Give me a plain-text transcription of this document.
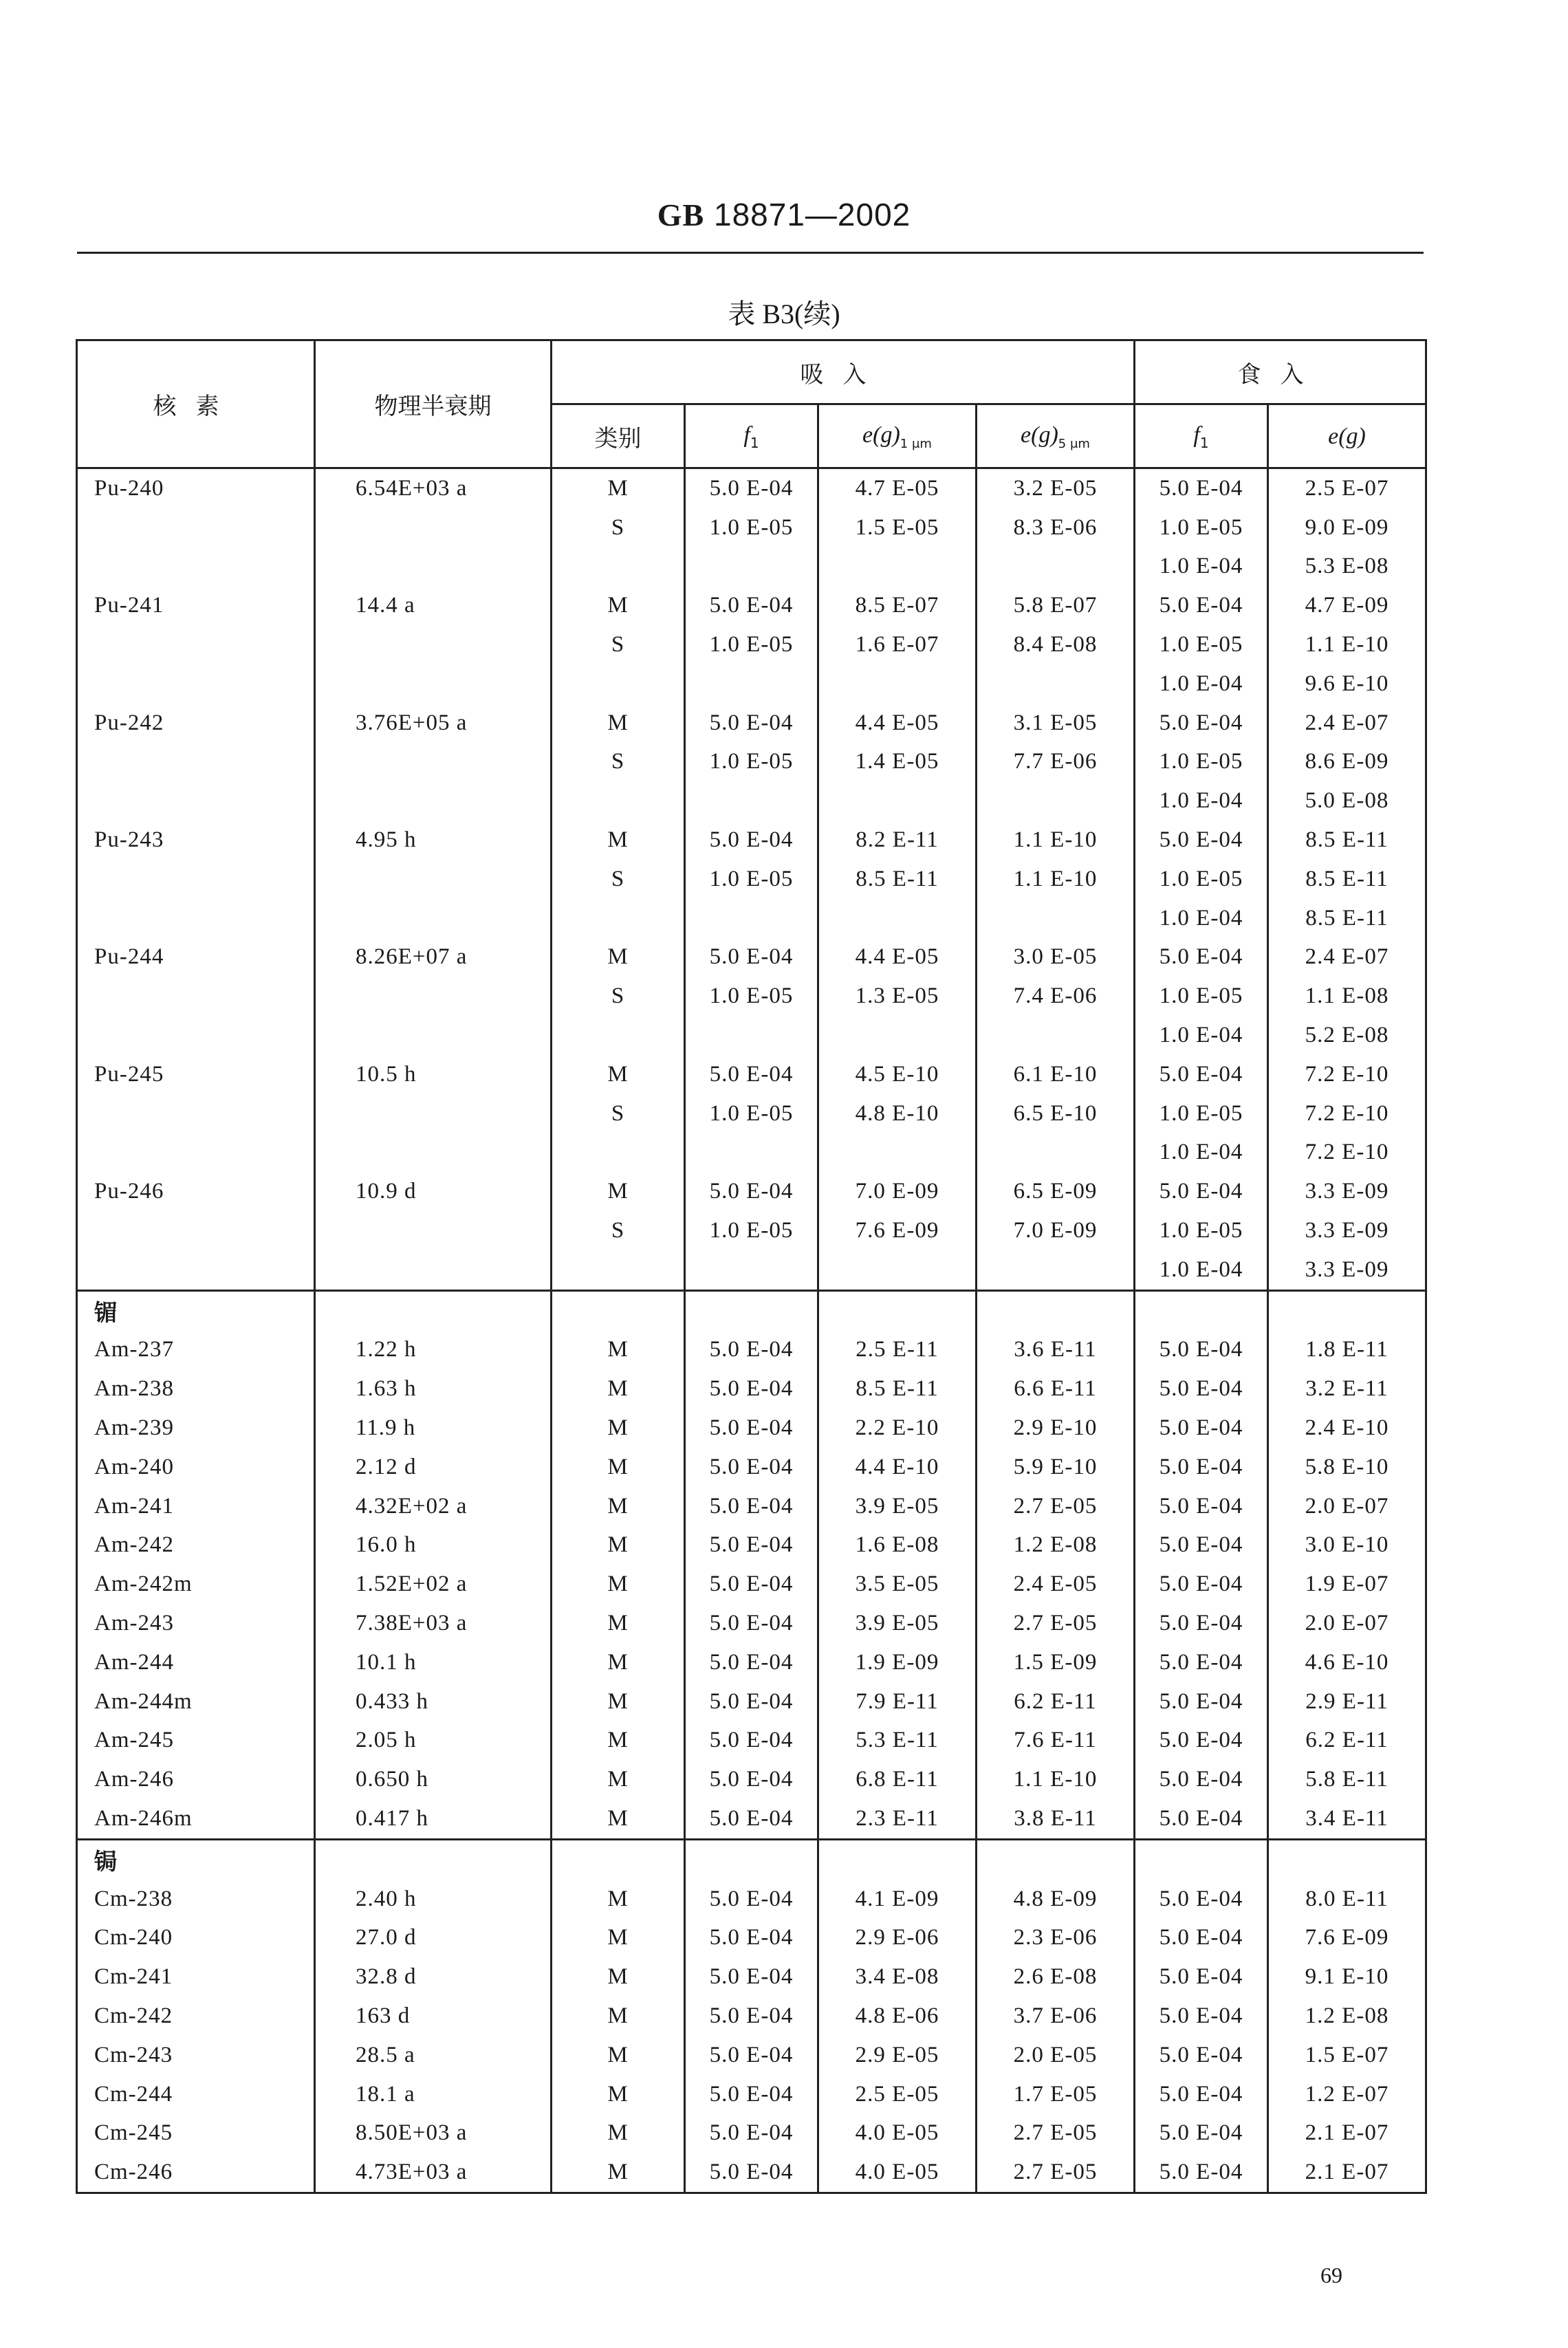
GB 18871—2002
表 B3(续)
核素	物理半衰期	吸入				食入	
		类别	$f_1$	$e(g)_{1 \mu m}$	$e(g)_{5 \mu m}$	$f_1$	e(g)
Pu-240	6.54E+03 a	M	5.0 E-04	4.7 E-05	3.2 E-05	5.0 E-04	2.5 E-07
		S	1.0 E-05	1.5 E-05	8.3 E-06	1.0 E-05	9.0 E-09
						1.0 E-04	5.3 E-08
Pu-241	14.4 a	M	5.0 E-04	8.5 E-07	5.8 E-07	5.0 E-04	4.7 E-09
		S	1.0 E-05	1.6 E-07	8.4 E-08	1.0 E-05	1.1 E-10
						1.0 E-04	9.6 E-10
Pu-242	3.76E+05 a	M	5.0 E-04	4.4 E-05	3.1 E-05	5.0 E-04	2.4 E-07
		S	1.0 E-05	1.4 E-05	7.7 E-06	1.0 E-05	8.6 E-09
						1.0 E-04	5.0 E-08
Pu-243	4.95 h	M	5.0 E-04	8.2 E-11	1.1 E-10	5.0 E-04	8.5 E-11
		S	1.0 E-05	8.5 E-11	1.1 E-10	1.0 E-05	8.5 E-11
						1.0 E-04	8.5 E-11
Pu-244	8.26E+07 a	M	5.0 E-04	4.4 E-05	3.0 E-05	5.0 E-04	2.4 E-07
		S	1.0 E-05	1.3 E-05	7.4 E-06	1.0 E-05	1.1 E-08
						1.0 E-04	5.2 E-08
Pu-245	10.5 h	M	5.0 E-04	4.5 E-10	6.1 E-10	5.0 E-04	7.2 E-10
		S	1.0 E-05	4.8 E-10	6.5 E-10	1.0 E-05	7.2 E-10
						1.0 E-04	7.2 E-10
Pu-246	10.9 d	M	5.0 E-04	7.0 E-09	6.5 E-09	5.0 E-04	3.3 E-09
		S	1.0 E-05	7.6 E-09	7.0 E-09	1.0 E-05	3.3 E-09
						1.0 E-04	3.3 E-09
镅							
Am-237	1.22 h	M	5.0 E-04	2.5 E-11	3.6 E-11	5.0 E-04	1.8 E-11
Am-238	1.63 h	M	5.0 E-04	8.5 E-11	6.6 E-11	5.0 E-04	3.2 E-11
Am-239	11.9 h	M	5.0 E-04	2.2 E-10	2.9 E-10	5.0 E-04	2.4 E-10
Am-240	2.12 d	M	5.0 E-04	4.4 E-10	5.9 E-10	5.0 E-04	5.8 E-10
Am-241	4.32E+02 a	M	5.0 E-04	3.9 E-05	2.7 E-05	5.0 E-04	2.0 E-07
Am-242	16.0 h	M	5.0 E-04	1.6 E-08	1.2 E-08	5.0 E-04	3.0 E-10
Am-242m	1.52E+02 a	M	5.0 E-04	3.5 E-05	2.4 E-05	5.0 E-04	1.9 E-07
Am-243	7.38E+03 a	M	5.0 E-04	3.9 E-05	2.7 E-05	5.0 E-04	2.0 E-07
Am-244	10.1 h	M	5.0 E-04	1.9 E-09	1.5 E-09	5.0 E-04	4.6 E-10
Am-244m	0.433 h	M	5.0 E-04	7.9 E-11	6.2 E-11	5.0 E-04	2.9 E-11
Am-245	2.05 h	M	5.0 E-04	5.3 E-11	7.6 E-11	5.0 E-04	6.2 E-11
Am-246	0.650 h	M	5.0 E-04	6.8 E-11	1.1 E-10	5.0 E-04	5.8 E-11
Am-246m	0.417 h	M	5.0 E-04	2.3 E-11	3.8 E-11	5.0 E-04	3.4 E-11
锔							
Cm-238	2.40 h	M	5.0 E-04	4.1 E-09	4.8 E-09	5.0 E-04	8.0 E-11
Cm-240	27.0 d	M	5.0 E-04	2.9 E-06	2.3 E-06	5.0 E-04	7.6 E-09
Cm-241	32.8 d	M	5.0 E-04	3.4 E-08	2.6 E-08	5.0 E-04	9.1 E-10
Cm-242	163 d	M	5.0 E-04	4.8 E-06	3.7 E-06	5.0 E-04	1.2 E-08
Cm-243	28.5 a	M	5.0 E-04	2.9 E-05	2.0 E-05	5.0 E-04	1.5 E-07
Cm-244	18.1 a	M	5.0 E-04	2.5 E-05	1.7 E-05	5.0 E-04	1.2 E-07
Cm-245	8.50E+03 a	M	5.0 E-04	4.0 E-05	2.7 E-05	5.0 E-04	2.1 E-07
Cm-246	4.73E+03 a	M	5.0 E-04	4.0 E-05	2.7 E-05	5.0 E-04	2.1 E-07
69
